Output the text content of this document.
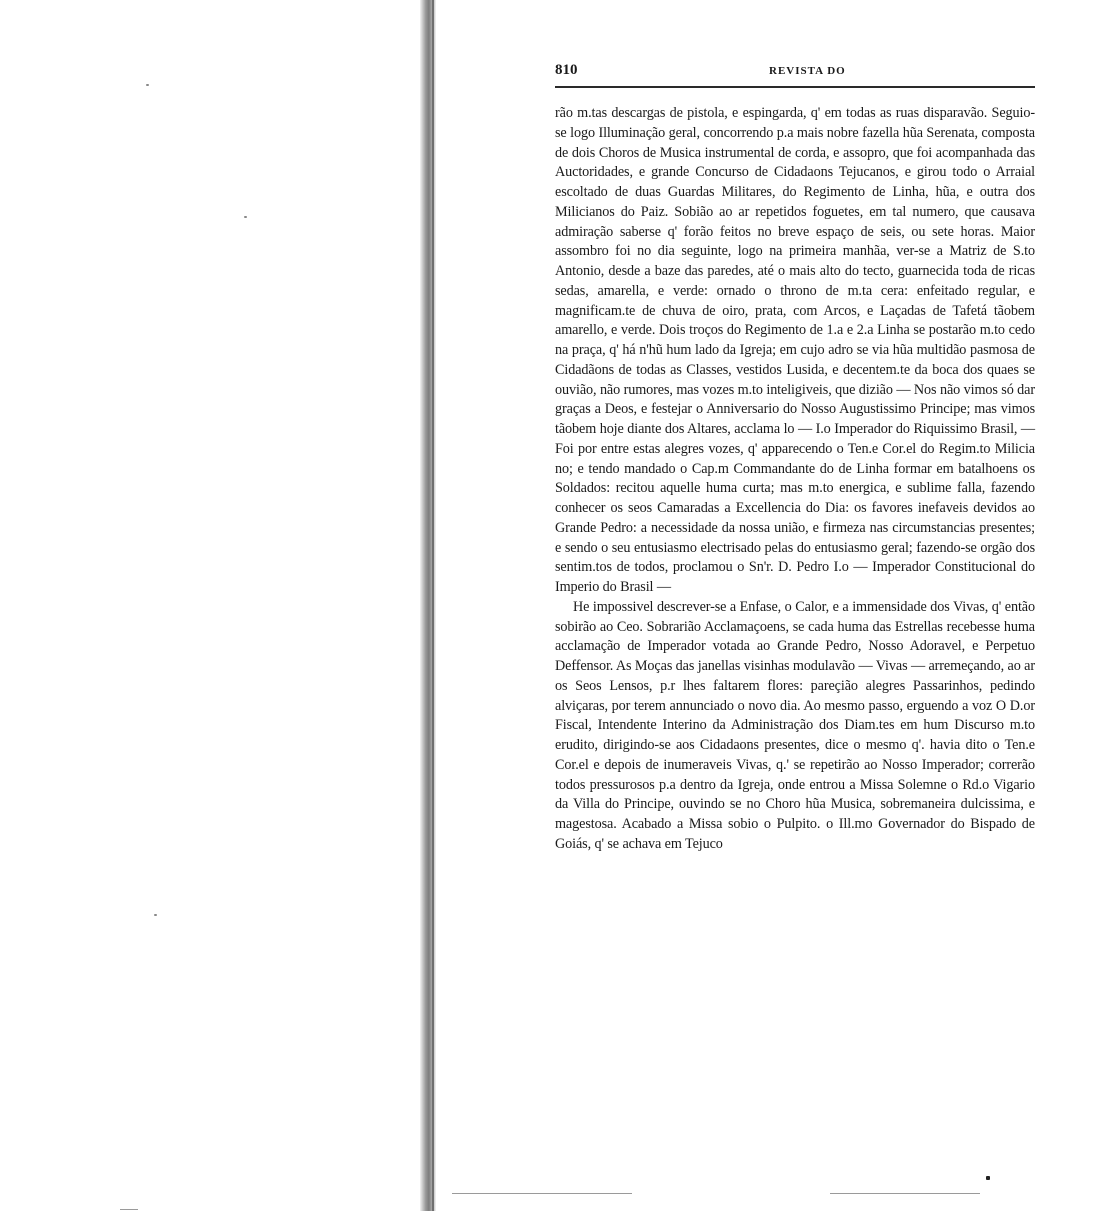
810	REVISTA DO

rão m.tas descargas de pistola, e espingarda, q' em todas as ruas disparavão. Seguio-se logo Illuminação geral, concorrendo p.a mais nobre fazella hũa Serenata, composta de dois Choros de Musica instrumental de corda, e assopro, que foi acompanhada das Auctoridades, e grande Concurso de Cidadaons Tejucanos, e girou todo o Arraial escoltado de duas Guardas Militares, do Regimento de Linha, hũa, e outra dos Milicianos do Paiz. Sobião ao ar repetidos foguetes, em tal numero, que causava admiração saberse q' forão feitos no breve espaço de seis, ou sete horas. Maior assombro foi no dia seguinte, logo na primeira manhãa, ver-se a Matriz de S.to Antonio, desde a baze das paredes, até o mais alto do tecto, guarnecida toda de ricas sedas, amarella, e verde: ornado o throno de m.ta cera: enfeitado regular, e magnificam.te de chuva de oiro, prata, com Arcos, e Laçadas de Tafetá tãobem amarello, e verde. Dois troços do Regimento de 1.a e 2.a Linha se postarão m.to cedo na praça, q' há n'hũ hum lado da Igreja; em cujo adro se via hũa multidão pasmosa de Cidadãons de todas as Classes, vestidos Lusida, e decentem.te da boca dos quaes se ouvião, não rumores, mas vozes m.to inteligiveis, que dizião — Nos não vimos só dar graças a Deos, e festejar o Anniversario do Nosso Augustissimo Principe; mas vimos tãobem hoje diante dos Altares, acclama lo — I.o Imperador do Riquissimo Brasil, — Foi por entre estas alegres vozes, q' apparecendo o Ten.e Cor.el do Regim.to Milicia no; e tendo mandado o Cap.m Commandante do de Linha formar em batalhoens os Soldados: recitou aquelle huma curta; mas m.to energica, e sublime falla, fazendo conhecer os seos Camaradas a Excellencia do Dia: os favores inefaveis devidos ao Grande Pedro: a necessidade da nossa união, e firmeza nas circumstancias presentes; e sendo o seu entusiasmo electrisado pelas do entusiasmo geral; fazendo-se orgão dos sentim.tos de todos, proclamou o Sn'r. D. Pedro I.o — Imperador Constitucional do Imperio do Brasil —

He impossivel descrever-se a Enfase, o Calor, e a immensidade dos Vivas, q' então sobirão ao Ceo. Sobrarião Acclamaçoens, se cada huma das Estrellas recebesse huma acclamação de Imperador votada ao Grande Pedro, Nosso Adoravel, e Perpetuo Deffensor. As Moças das janellas visinhas modulavão — Vivas — arremeçando, ao ar os Seos Lensos, p.r lhes faltarem flores: pareçião alegres Passarinhos, pedindo alviçaras, por terem annunciado o novo dia. Ao mesmo passo, erguendo a voz O D.or Fiscal, Intendente Interino da Administração dos Diam.tes em hum Discurso m.to erudito, dirigindo-se aos Cidadaons presentes, dice o mesmo q'. havia dito o Ten.e Cor.el e depois de inumeraveis Vivas, q.' se repetirão ao Nosso Imperador; correrão todos pressurosos p.a dentro da Igreja, onde entrou a Missa Solemne o Rd.o Vigario da Villa do Principe, ouvindo se no Choro hũa Musica, sobremaneira dulcissima, e magestosa. Acabado a Missa sobio o Pulpito. o Ill.mo Governador do Bispado de Goiás, q' se achava em Tejuco
